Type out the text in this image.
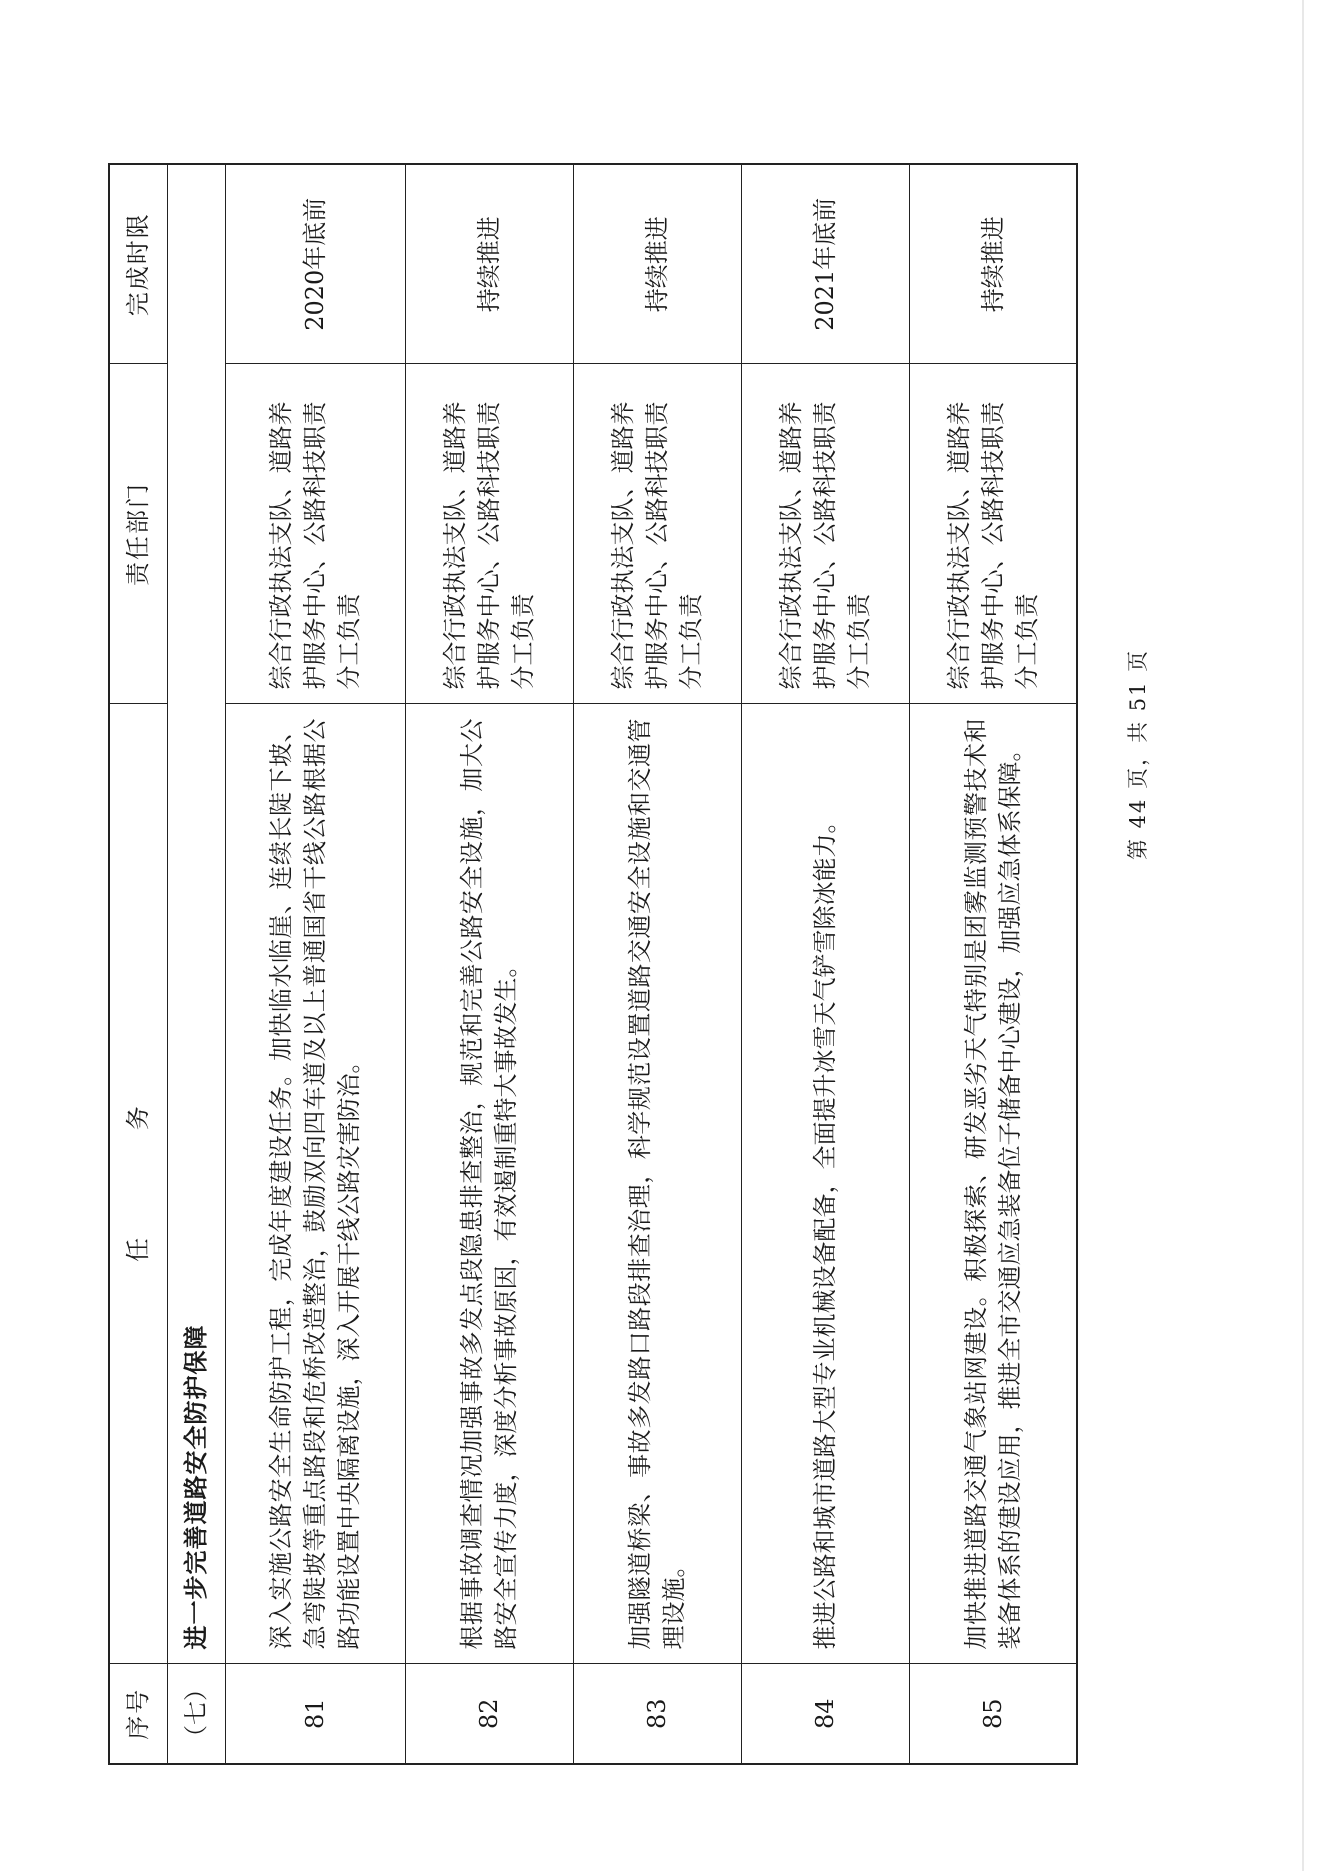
序号	任 务	责任部门	完成时限
（七）	进一步完善道路安全防护保障		
81	深入实施公路安全生命防护工程，完成年度建设任务。加快临水临崖、连续长陡下坡、急弯陡坡等重点路段和危桥改造整治，鼓励双向四车道及以上普通国省干线公路根据公路功能设置中央隔离设施，深入开展干线公路灾害防治。	综合行政执法支队、道路养护服务中心、公路科技职责分工负责	2020年底前
82	根据事故调查情况加强事故多发点段隐患排查整治，规范和完善公路安全设施，加大公路安全宣传力度，深度分析事故原因，有效遏制重特大事故发生。	综合行政执法支队、道路养护服务中心、公路科技职责分工负责	持续推进
83	加强隧道桥梁、事故多发路口路段排查治理，科学规范设置道路交通安全设施和交通管理设施。	综合行政执法支队、道路养护服务中心、公路科技职责分工负责	持续推进
84	推进公路和城市道路大型专业机械设备配备，全面提升冰雪天气铲雪除冰能力。	综合行政执法支队、道路养护服务中心、公路科技职责分工负责	2021年底前
85	加快推进道路交通气象站网建设。积极探索、研发恶劣天气特别是团雾监测预警技术和装备体系的建设应用，推进全市交通应急装备位子储备中心建设，加强应急体系保障。	综合行政执法支队、道路养护服务中心、公路科技职责分工负责	持续推进
第 44 页，共 51 页
